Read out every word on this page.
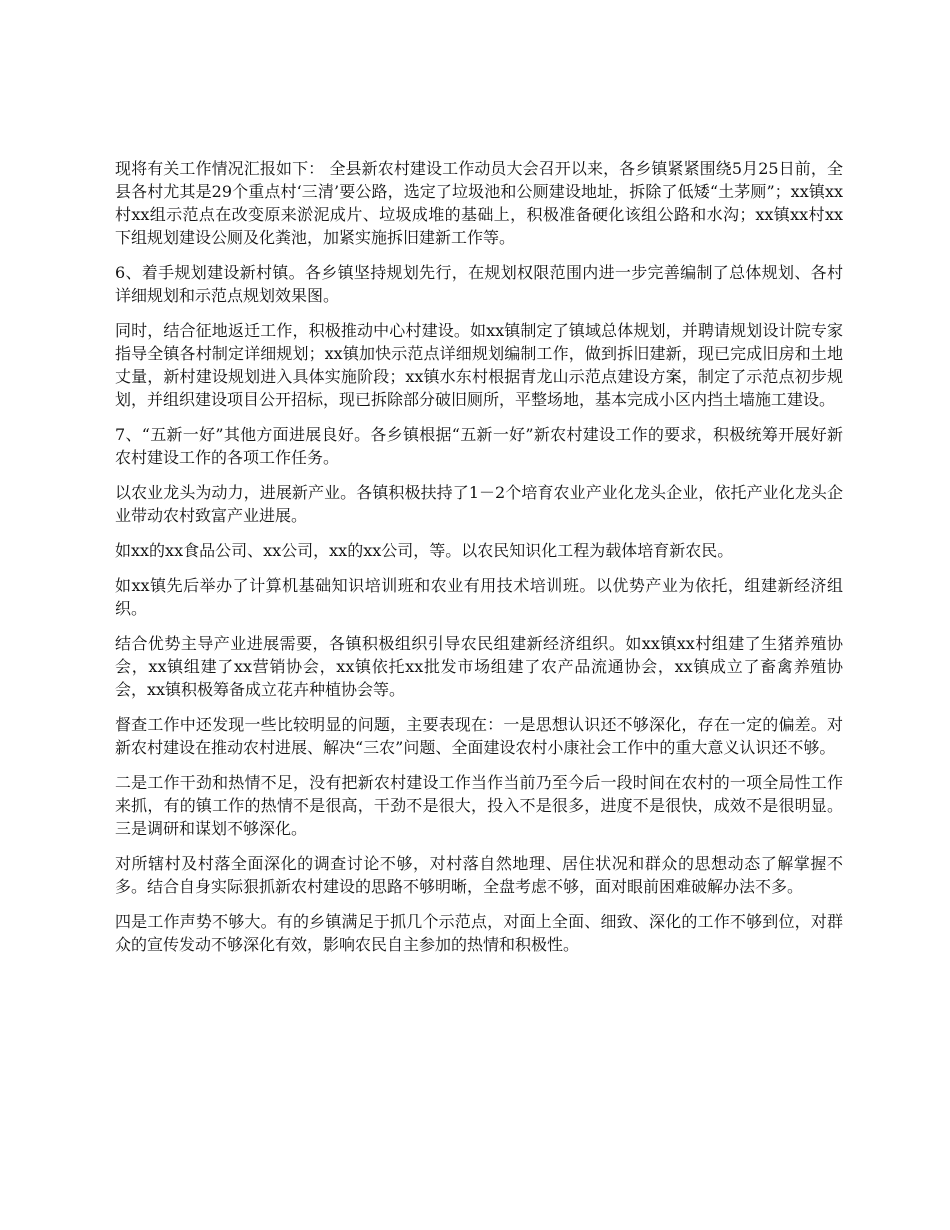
现将有关工作情况汇报如下： 全县新农村建设工作动员大会召开以来，各乡镇紧紧围绕5月25日前，全县各村尤其是29个重点村‘三清’要公路，选定了垃圾池和公厕建设地址，拆除了低矮“土茅厕”；xx镇xx村xx组示范点在改变原来淤泥成片、垃圾成堆的基础上，积极准备硬化该组公路和水沟；xx镇xx村xx下组规划建设公厕及化粪池，加紧实施拆旧建新工作等。

6、着手规划建设新村镇。各乡镇坚持规划先行，在规划权限范围内进一步完善编制了总体规划、各村详细规划和示范点规划效果图。

同时，结合征地返迁工作，积极推动中心村建设。如xx镇制定了镇域总体规划，并聘请规划设计院专家指导全镇各村制定详细规划；xx镇加快示范点详细规划编制工作，做到拆旧建新，现已完成旧房和土地丈量，新村建设规划进入具体实施阶段；xx镇水东村根据青龙山示范点建设方案，制定了示范点初步规划，并组织建设项目公开招标，现已拆除部分破旧厕所，平整场地，基本完成小区内挡土墙施工建设。

7、“五新一好”其他方面进展良好。各乡镇根据“五新一好”新农村建设工作的要求，积极统筹开展好新农村建设工作的各项工作任务。

以农业龙头为动力，进展新产业。各镇积极扶持了1－2个培育农业产业化龙头企业，依托产业化龙头企业带动农村致富产业进展。

如xx的xx食品公司、xx公司，xx的xx公司，等。以农民知识化工程为载体培育新农民。

如xx镇先后举办了计算机基础知识培训班和农业有用技术培训班。以优势产业为依托，组建新经济组织。

结合优势主导产业进展需要，各镇积极组织引导农民组建新经济组织。如xx镇xx村组建了生猪养殖协会，xx镇组建了xx营销协会，xx镇依托xx批发市场组建了农产品流通协会，xx镇成立了畜禽养殖协会，xx镇积极筹备成立花卉种植协会等。

督查工作中还发现一些比较明显的问题，主要表现在：一是思想认识还不够深化，存在一定的偏差。对新农村建设在推动农村进展、解决“三农”问题、全面建设农村小康社会工作中的重大意义认识还不够。

二是工作干劲和热情不足，没有把新农村建设工作当作当前乃至今后一段时间在农村的一项全局性工作来抓，有的镇工作的热情不是很高，干劲不是很大，投入不是很多，进度不是很快，成效不是很明显。三是调研和谋划不够深化。

对所辖村及村落全面深化的调查讨论不够，对村落自然地理、居住状况和群众的思想动态了解掌握不多。结合自身实际狠抓新农村建设的思路不够明晰，全盘考虑不够，面对眼前困难破解办法不多。

四是工作声势不够大。有的乡镇满足于抓几个示范点，对面上全面、细致、深化的工作不够到位，对群众的宣传发动不够深化有效，影响农民自主参加的热情和积极性。
